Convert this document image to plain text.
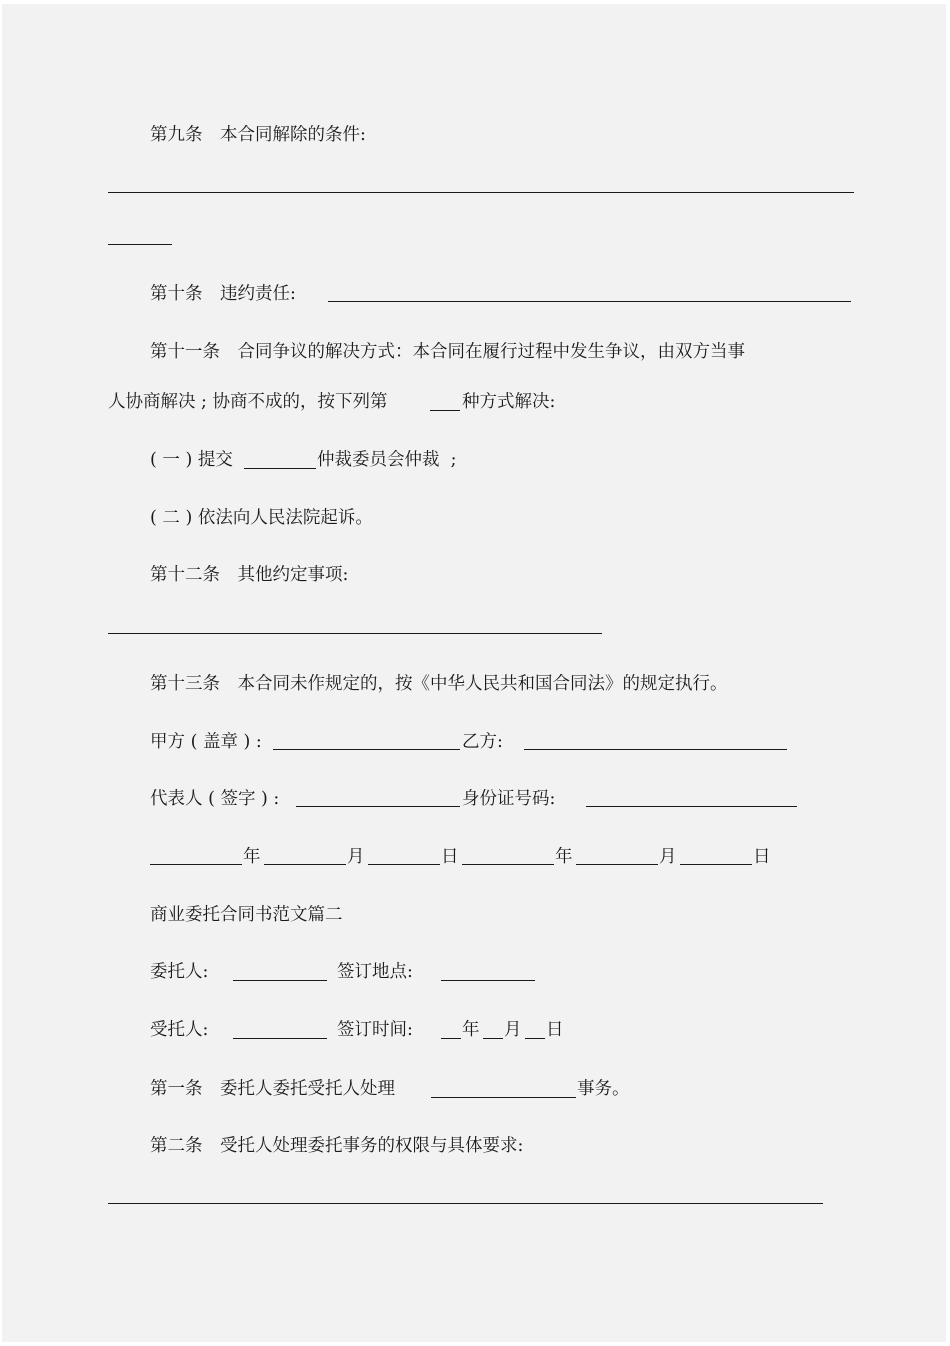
第九条　本合同解除的条件:
第十条　违约责任:
第十一条　合同争议的解决方式：本合同在履行过程中发生争议，由双方当事
人协商解决 ; 协商不成的，按下列第	种方式解决:
( 一 ) 提交	仲裁委员会仲裁  ;
( 二 ) 依法向人民法院起诉。
第十二条　其他约定事项:
第十三条　本合同未作规定的，按《中华人民共和国合同法》的规定执行。
甲方 ( 盖章 ) :	乙方:
代表人 ( 签字 ) :	身份证号码:
年	月	日	年	月	日
商业委托合同书范文篇二
委托人:	签订地点:
受托人:	签订时间:	年 月 日
第一条　委托人委托受托人处理	事务。
第二条　受托人处理委托事务的权限与具体要求:
